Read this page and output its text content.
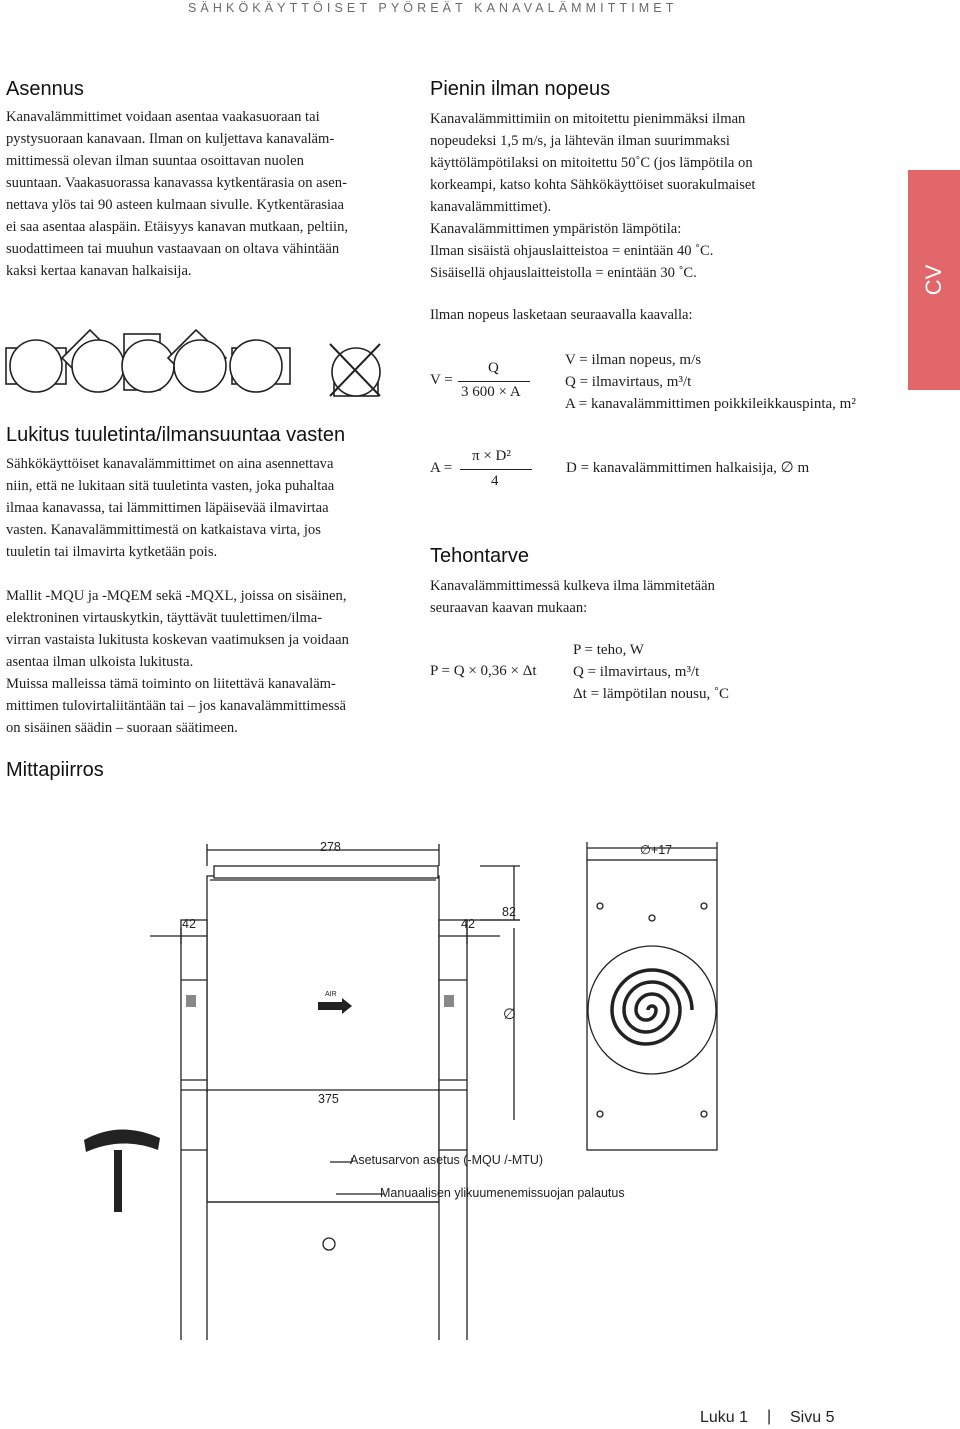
SÄHKÖKÄYTTÖISET PYÖREÄT KANAVALÄMMITTIMET
CV
Asennus
Kanavalämmittimet voidaan asentaa vaakasuoraan tai
pystysuoraan kanavaan. Ilman on kuljettava kanavaläm-
mittimessä olevan ilman suuntaa osoittavan nuolen
suuntaan. Vaakasuorassa kanavassa kytkentärasia on asen-
nettava ylös tai 90 asteen kulmaan sivulle. Kytkentärasiaa
ei saa asentaa alaspäin. Etäisyys kanavan mutkaan, peltiin,
suodattimeen tai muuhun vastaavaan on oltava vähintään
kaksi kertaa kanavan halkaisija.
Lukitus tuuletinta/ilmansuuntaa vasten
Sähkökäyttöiset kanavalämmittimet on aina asennettava
niin, että ne lukitaan sitä tuuletinta vasten, joka puhaltaa
ilmaa kanavassa, tai lämmittimen läpäisevää ilmavirtaa
vasten. Kanavalämmittimestä on katkaistava virta, jos
tuuletin tai ilmavirta kytketään pois.
Mallit -MQU ja -MQEM sekä -MQXL, joissa on sisäinen,
elektroninen virtauskytkin, täyttävät tuulettimen/ilma-
virran vastaista lukitusta koskevan vaatimuksen ja voidaan
asentaa ilman ulkoista lukitusta.
Muissa malleissa tämä toiminto on liitettävä kanavaläm-
mittimen tulovirtaliitäntään tai – jos kanavalämmittimessä
on sisäinen säädin – suoraan säätimeen.
Mittapiirros
Pienin ilman nopeus
Kanavalämmittimiin on mitoitettu pienimmäksi ilman
nopeudeksi 1,5 m/s, ja lähtevän ilman suurimmaksi
käyttölämpötilaksi on mitoitettu 50˚C (jos lämpötila on
korkeampi, katso kohta Sähkökäyttöiset suorakulmaiset
kanavalämmittimet).
Kanavalämmittimen ympäristön lämpötila:
Ilman sisäistä ohjauslaitteistoa = enintään 40 ˚C.
Sisäisellä ohjauslaitteistolla = enintään 30 ˚C.
Ilman nopeus lasketaan seuraavalla kaavalla:
V =
Q
3 600 × A
V = ilman nopeus, m/s
Q = ilmavirtaus, m³/t
A = kanavalämmittimen poikkileikkauspinta, m²
A =
π × D²
4
D = kanavalämmittimen halkaisija, ∅ m
Tehontarve
Kanavalämmittimessä kulkeva ilma lämmitetään
seuraavan kaavan mukaan:
P = Q × 0,36 × Δt
P = teho, W
Q = ilmavirtaus, m³/t
Δt = lämpötilan nousu, ˚C
AIR
278
42	42
82
375
∅+17
∅
Asetusarvon asetus (-MQU /-MTU)
Manuaalisen ylikuumenemissuojan palautus
Luku 1 | Sivu 5
